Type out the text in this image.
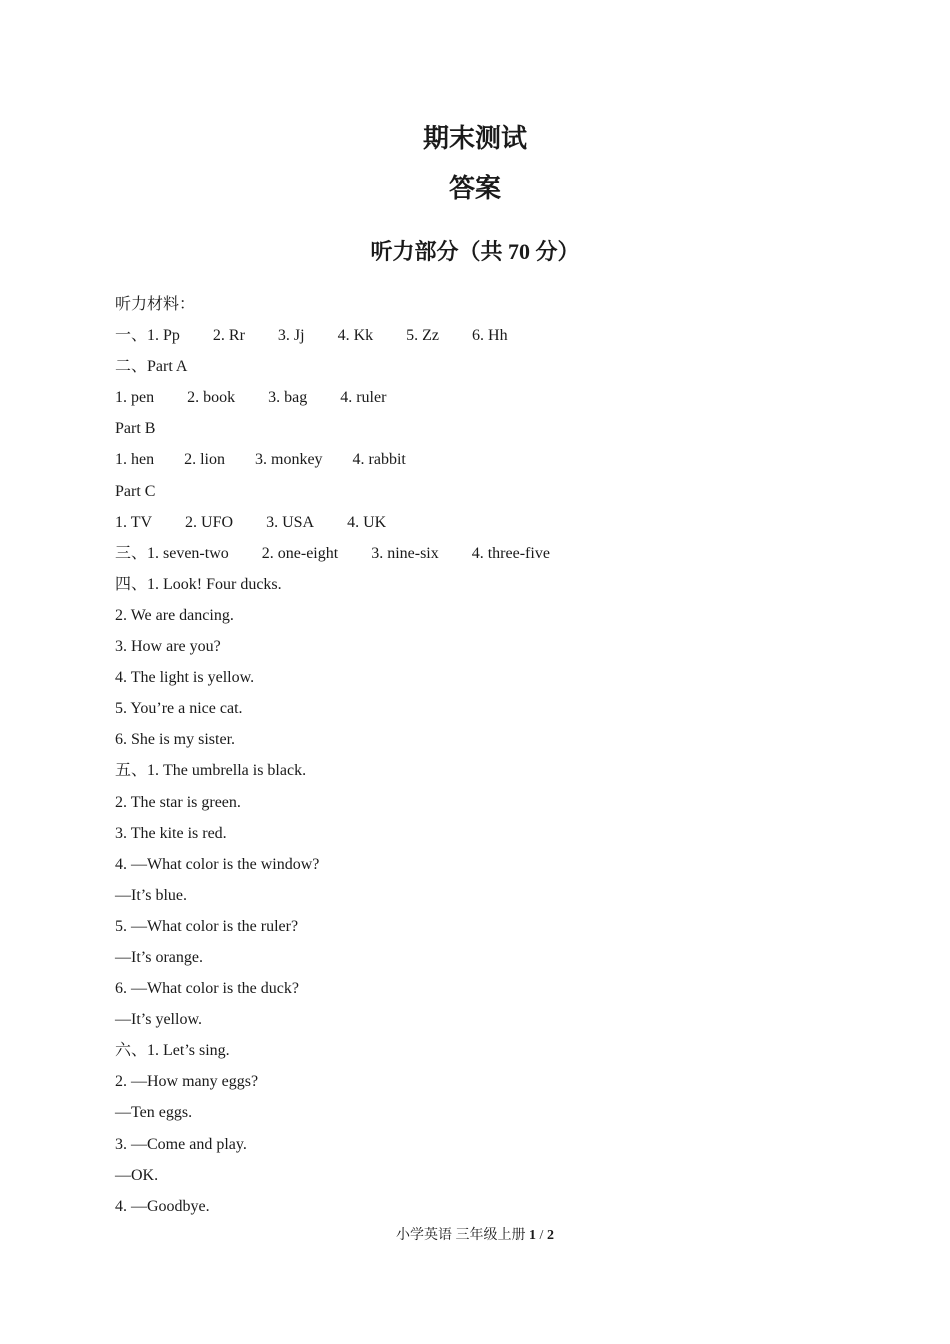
期末测试
答案
听力部分（共 70 分）
听力材料：
一、1. Pp 2. Rr 3. Jj 4. Kk 5. Zz 6. Hh
二、Part A
1. pen 2. book 3. bag 4. ruler
Part B
1. hen 2. lion 3. monkey 4. rabbit
Part C
1. TV 2. UFO 3. USA 4. UK
三、1. seven-two 2. one-eight 3. nine-six 4. three-five
四、1. Look! Four ducks.
2. We are dancing.
3. How are you?
4. The light is yellow.
5. You’re a nice cat.
6. She is my sister.
五、1. The umbrella is black.
2. The star is green.
3. The kite is red.
4. —What color is the window?
—It’s blue.
5. —What color is the ruler?
—It’s orange.
6. —What color is the duck?
—It’s yellow.
六、1. Let’s sing.
2. —How many eggs?
—Ten eggs.
3. —Come and play.
—OK.
4. —Goodbye.
小学英语 三年级上册 1 / 2
